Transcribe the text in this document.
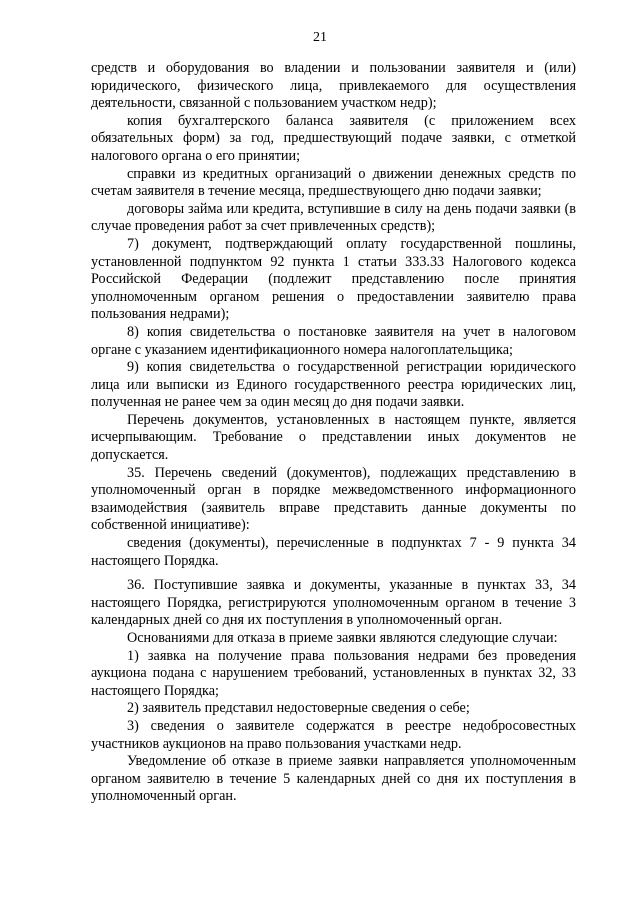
21

средств и оборудования во владении и пользовании заявителя и (или) юридического, физического лица, привлекаемого для осуществления деятельности, связанной с пользованием участком недр);

копия бухгалтерского баланса заявителя (с приложением всех обязательных форм) за год, предшествующий подаче заявки, с отметкой налогового органа о его принятии;

справки из кредитных организаций о движении денежных средств по счетам заявителя в течение месяца, предшествующего дню подачи заявки;

договоры займа или кредита, вступившие в силу на день подачи заявки (в случае проведения работ за счет привлеченных средств);

7) документ, подтверждающий оплату государственной пошлины, установленной подпунктом 92 пункта 1 статьи 333.33 Налогового кодекса Российской Федерации (подлежит представлению после принятия уполномоченным органом решения о предоставлении заявителю права пользования недрами);

8) копия свидетельства о постановке заявителя на учет в налоговом органе с указанием идентификационного номера налогоплательщика;

9) копия свидетельства о государственной регистрации юридического лица или выписки из Единого государственного реестра юридических лиц, полученная не ранее чем за один месяц до дня подачи заявки.

Перечень документов, установленных в настоящем пункте, является исчерпывающим. Требование о представлении иных документов не допускается.

35. Перечень сведений (документов), подлежащих представлению в уполномоченный орган в порядке межведомственного информационного взаимодействия (заявитель вправе представить данные документы по собственной инициативе):

сведения (документы), перечисленные в подпунктах 7 - 9 пункта 34 настоящего Порядка.

36. Поступившие заявка и документы, указанные в пунктах 33, 34 настоящего Порядка, регистрируются уполномоченным органом в течение 3 календарных дней со дня их поступления в уполномоченный орган.

Основаниями для отказа в приеме заявки являются следующие случаи:

1) заявка на получение права пользования недрами без проведения аукциона подана с нарушением требований, установленных в пунктах 32, 33 настоящего Порядка;

2) заявитель представил недостоверные сведения о себе;

3) сведения о заявителе содержатся в реестре недобросовестных участников аукционов на право пользования участками недр.

Уведомление об отказе в приеме заявки направляется уполномоченным органом заявителю в течение 5 календарных дней со дня их поступления в уполномоченный орган.
